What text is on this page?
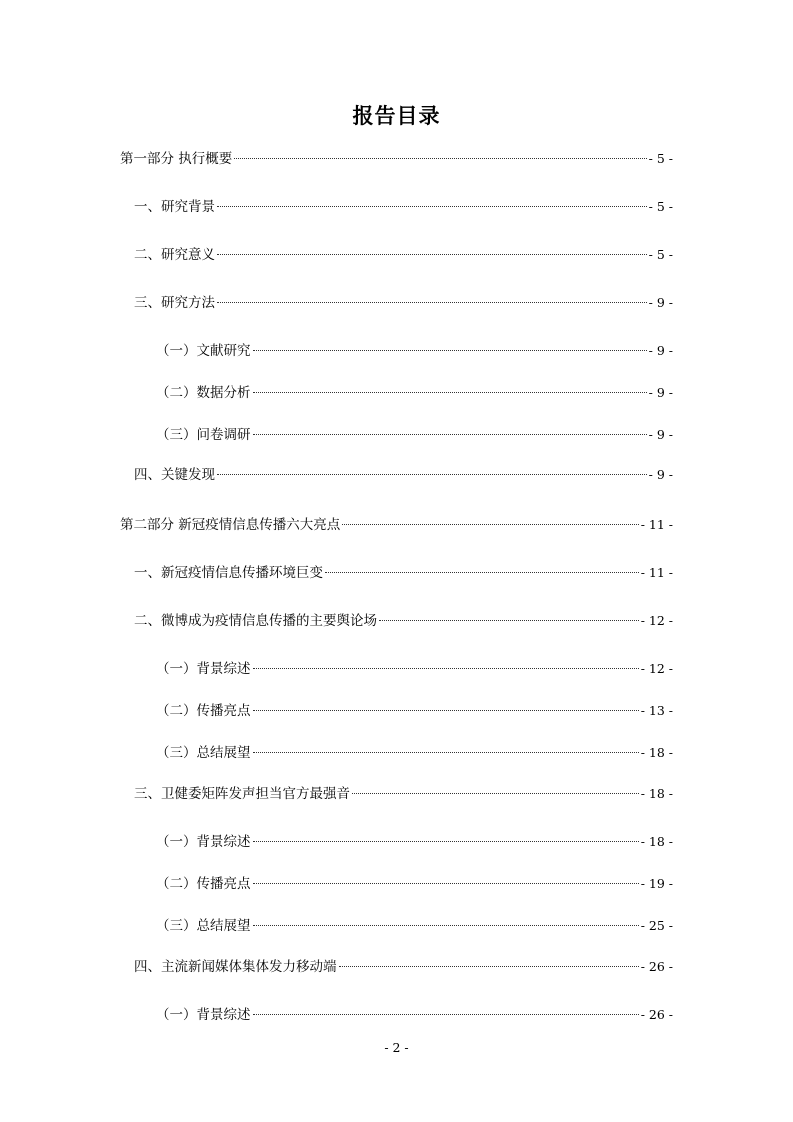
报告目录
第一部分 执行概要	- 5 -
一、研究背景	- 5 -
二、研究意义	- 5 -
三、研究方法	- 9 -
（一）文献研究	- 9 -
（二）数据分析	- 9 -
（三）问卷调研	- 9 -
四、关键发现	- 9 -
第二部分 新冠疫情信息传播六大亮点	- 11 -
一、新冠疫情信息传播环境巨变	- 11 -
二、微博成为疫情信息传播的主要舆论场	- 12 -
（一）背景综述	- 12 -
（二）传播亮点	- 13 -
（三）总结展望	- 18 -
三、卫健委矩阵发声担当官方最强音	- 18 -
（一）背景综述	- 18 -
（二）传播亮点	- 19 -
（三）总结展望	- 25 -
四、主流新闻媒体集体发力移动端	- 26 -
（一）背景综述	- 26 -
- 2 -
